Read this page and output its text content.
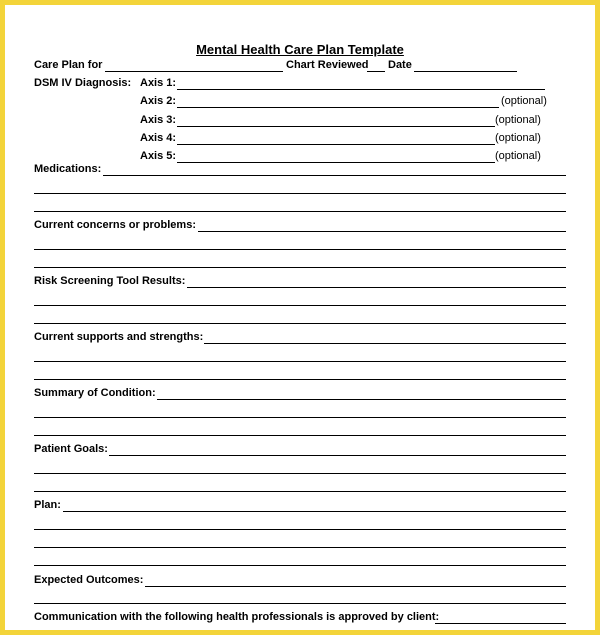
Mental Health Care Plan Template
Care Plan for	Chart Reviewed Date
DSM IV Diagnosis: Axis 1:
Axis 2:	(optional)
Axis 3:	(optional)
Axis 4:	(optional)
Axis 5:	(optional)
Medications:
Current concerns or problems:
Risk Screening Tool Results:
Current supports and strengths:
Summary of Condition:
Patient Goals:
Plan:
Expected Outcomes:
Communication with the following health professionals is approved by client:
